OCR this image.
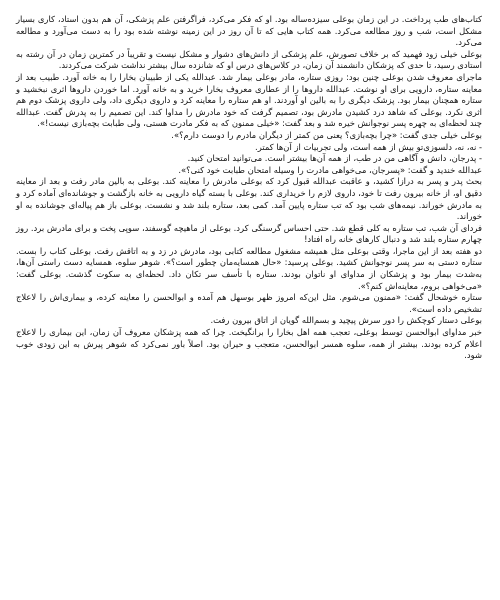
کتاب‌های طب پرداخت. در این زمان بوعلی سیزده‌ساله بود. او که فکر می‌کرد، فراگرفتن علم پزشکی، آن هم بدون استاد، کاری بسیار مشکل است، شب و روز مطالعه می‌کرد. همه کتاب هایی که تا آن روز در این زمینه نوشته شده بود را به دست می‌آورد و مطالعه می‌کرد.

بوعلی خیلی زود فهمید که بر خلاف تصورش، علم پزشکی از دانش‌های دشوار و مشکل نیست و تقریباً در کمترین زمان در آن رشته به استادی رسید، تا حدی که پزشکان دانشمند آن زمان، در کلاس‌های درس او که شانزده سال بیشتر نداشت شرکت می‌کردند.

ماجرای معروف شدن بوعلی چنین بود: روزی ستاره، مادر بوعلی بیمار شد. عبدالله یکی از طبیبان بخارا را به خانه آورد. طبیب بعد از معاینه ستاره، دارویی برای او نوشت. عبدالله داروها را از عطاری معروف بخارا خرید و به خانه آورد. اما خوردن داروها اثری نبخشید و ستاره همچنان بیمار بود. پزشک دیگری را به بالین او آوردند. او هم ستاره را معاینه کرد و داروی دیگری داد، ولی داروی پزشک دوم هم اثری نکرد. بوعلی که شاهد درد کشیدن مادرش بود، تصمیم گرفت که خود مادرش را مداوا کند. این تصمیم را به پدرش گفت. عبدالله چند لحظه‌ای به چهره پسر نوجوانش خیره شد و بعد گفت: «خیلی ممنون که به فکر مادرت هستی، ولی طبابت بچه‌بازی نیست!».

بوعلی خیلی جدی گفت: «چرا بچه‌بازی؟ یعنی من کمتر از دیگران مادرم را دوست دارم؟».

- نه، نه، دلسوزی‌تو بیش از همه است، ولی تجربیات از آن‌ها کمتر.

- پدرجان، دانش و آگاهی من در طب، از همه آن‌ها بیشتر است. می‌توانید امتحان کنید.

عبدالله خندید و گفت: «پسرجان، می‌خواهی مادرت را وسیله امتحان طبابت خود کنی؟».

بحث پدر و پسر به درازا کشید، و عاقبت عبدالله قبول کرد که بوعلی مادرش را معاینه کند. بوعلی به بالین مادر رفت و بعد از معاینه دقیق او، از خانه بیرون رفت تا خود، داروی لازم را خریداری کند. بوعلی با بسته گیاه دارویی به خانه بازگشت و جوشانده‌ای آماده کرد و به مادرش خوراند. نیمه‌های شب بود که تب ستاره پایین آمد. کمی بعد، ستاره بلند شد و نشست. بوعلی باز هم پیاله‌ای جوشانده به او خوراند.

فردای آن شب، تب ستاره به کلی قطع شد. حتی احساس گرسنگی کرد. بوعلی از ماهیچه گوسفند، سوپی پخت و برای مادرش برد. روز چهارم ستاره بلند شد و دنبال کارهای خانه راه افتاد!

دو هفته بعد از این ماجرا، وقتی بوعلی مثل همیشه مشغول مطالعه کتابی بود، مادرش در زد و به اتاقش رفت. بوعلی کتاب را بست. ستاره دستی به سر پسر نوجوانش کشید. بوعلی پرسید: «حال همسایه‌مان چطور است؟». شوهر سلوه، همسایه دست راستی آن‌ها، به‌شدت بیمار بود و پزشکان از مداوای او ناتوان بودند. ستاره با تأسف سر تکان داد. لحظه‌ای به سکوت گذشت. بوعلی گفت: «می‌خواهی بروم، معاینه‌اش کنم؟».

ستاره خوشحال گفت: «ممنون می‌شوم. مثل این‌که امروز ظهر بوسهل هم آمده و ابوالحسن را معاینه کرده، و بیماری‌اش را لاعلاج تشخیص داده است».

بوعلی دستار کوچکش را دور سرش پیچید و بسم‌الله گویان از اتاق بیرون رفت.

خبر مداوای ابوالحسن توسط بوعلی، تعجب همه اهل بخارا را برانگیخت. چرا که همه پزشکان معروف آن زمان، این بیماری را لاعلاج اعلام کرده بودند. بیشتر از همه، سلوه همسر ابوالحسن، متعجب و حیران بود. اصلاً باور نمی‌کرد که شوهر پیرش به این زودی خوب شود.
